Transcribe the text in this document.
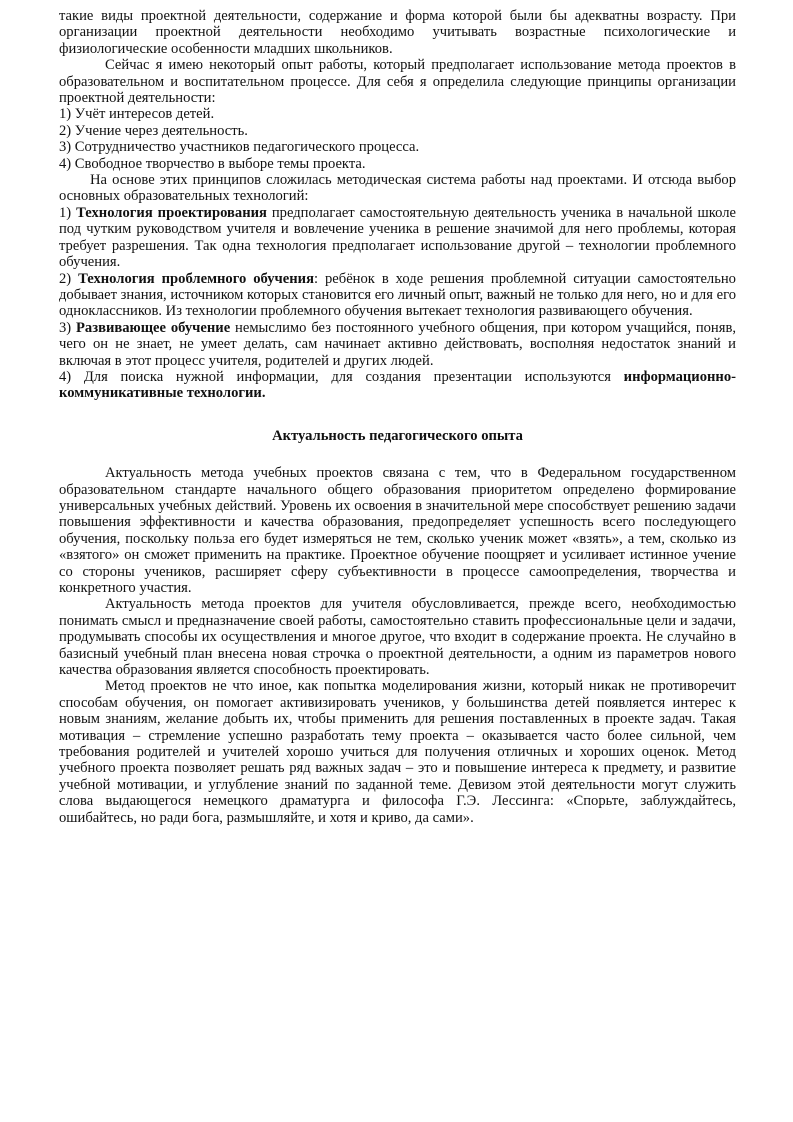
такие виды проектной деятельности, содержание и форма которой были бы адекватны возрасту. При организации проектной деятельности необходимо учитывать возрастные психологические и физиологические особенности младших школьников.

Сейчас я имею некоторый опыт работы, который предполагает использование метода проектов в образовательном и воспитательном процессе. Для себя я определила следующие принципы организации проектной деятельности:

1) Учёт интересов детей.

2) Учение через деятельность.

3) Сотрудничество участников педагогического процесса.

4) Свободное творчество в выборе темы проекта.

На основе этих принципов сложилась методическая система работы над проектами. И отсюда выбор основных образовательных технологий:

1) Технология проектирования предполагает самостоятельную деятельность ученика в начальной школе под чутким руководством учителя и вовлечение ученика в решение значимой для него проблемы, которая требует разрешения. Так одна технология предполагает использование другой – технологии проблемного обучения.

2) Технология проблемного обучения: ребёнок в ходе решения проблемной ситуации самостоятельно добывает знания, источником которых становится его личный опыт, важный не только для него, но и для его одноклассников. Из технологии проблемного обучения вытекает технология развивающего обучения.

3) Развивающее обучение немыслимо без постоянного учебного общения, при котором учащийся, поняв, чего он не знает, не умеет делать, сам начинает активно действовать, восполняя недостаток знаний и включая в этот процесс учителя, родителей и других людей.

4) Для поиска нужной информации, для создания презентации используются информационно-коммуникативные технологии.

Актуальность педагогического опыта

Актуальность метода учебных проектов связана с тем, что в Федеральном государственном образовательном стандарте начального общего образования приоритетом определено формирование универсальных учебных действий. Уровень их освоения в значительной мере способствует решению задачи повышения эффективности и качества образования, предопределяет успешность всего последующего обучения, поскольку польза его будет измеряться не тем, сколько ученик может «взять», а тем, сколько из «взятого» он сможет применить на практике. Проектное обучение поощряет и усиливает истинное учение со стороны учеников, расширяет сферу субъективности в процессе самоопределения, творчества и конкретного участия.

Актуальность метода проектов для учителя обусловливается, прежде всего, необходимостью понимать смысл и предназначение своей работы, самостоятельно ставить профессиональные цели и задачи, продумывать способы их осуществления и многое другое, что входит в содержание проекта. Не случайно в базисный учебный план внесена новая строчка о проектной деятельности, а одним из параметров нового качества образования является способность проектировать.

Метод проектов не что иное, как попытка моделирования жизни, который никак не противоречит способам обучения, он помогает активизировать учеников, у большинства детей появляется интерес к новым знаниям, желание добыть их, чтобы применить для решения поставленных в проекте задач. Такая мотивация – стремление успешно разработать тему проекта – оказывается часто более сильной, чем требования родителей и учителей хорошо учиться для получения отличных и хороших оценок. Метод учебного проекта позволяет решать ряд важных задач – это и повышение интереса к предмету, и развитие учебной мотивации, и углубление знаний по заданной теме. Девизом этой деятельности могут служить слова выдающегося немецкого драматурга и философа Г.Э. Лессинга: «Спорьте, заблуждайтесь, ошибайтесь, но ради бога, размышляйте, и хотя и криво, да сами».
